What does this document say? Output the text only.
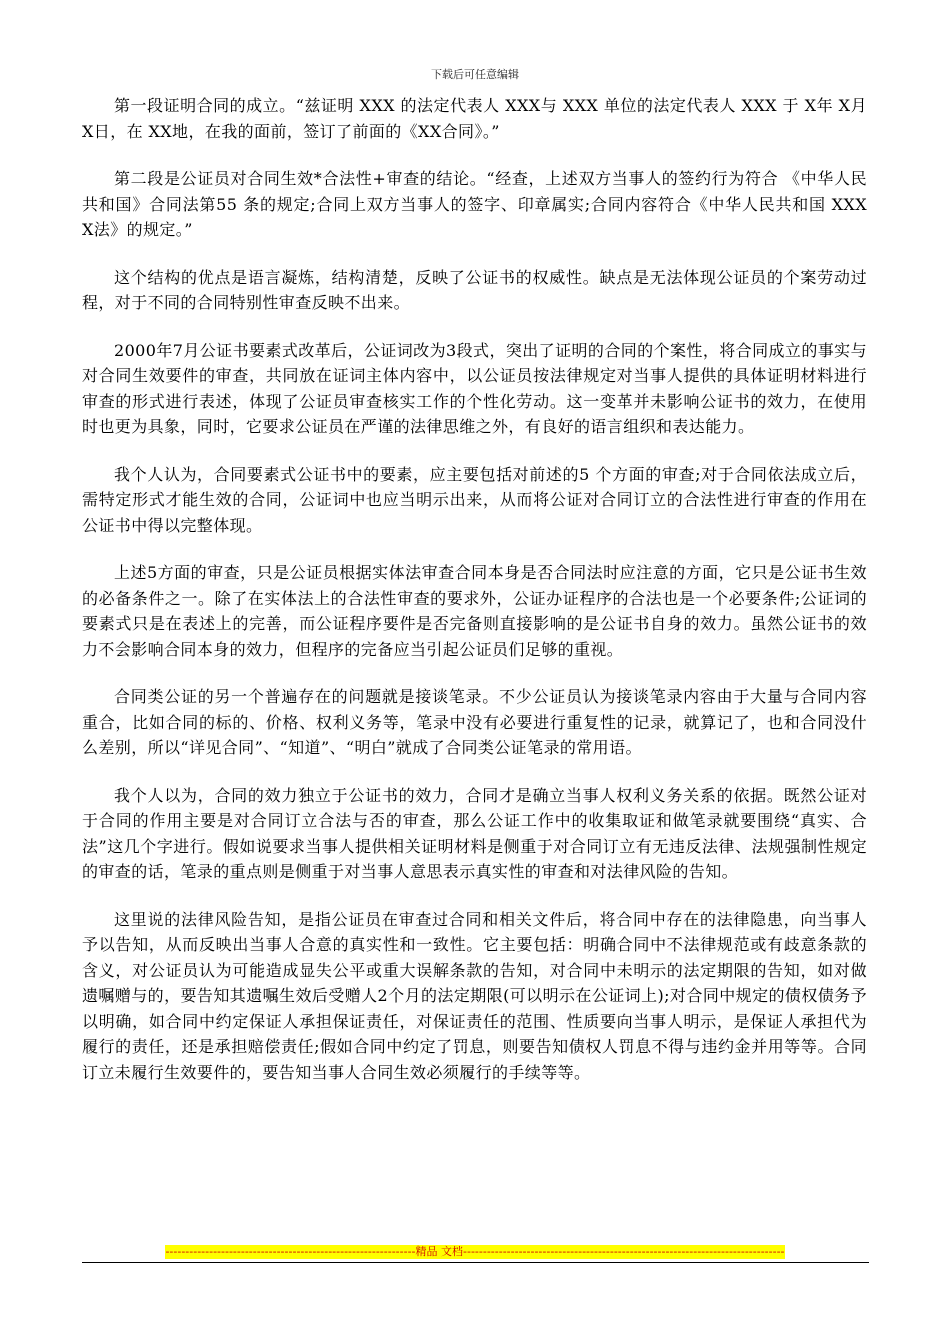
下载后可任意编辑

第一段证明合同的成立。“兹证明 XXX 的法定代表人 XXX与 XXX 单位的法定代表人 XXX 于 X年 X月 X日，在 XX地，在我的面前，签订了前面的《XX合同》。”

第二段是公证员对合同生效*合法性+审查的结论。“经查，上述双方当事人的签约行为符合 《中华人民共和国》合同法第55 条的规定;合同上双方当事人的签字、印章属实;合同内容符合《中华人民共和国 XXX X法》的规定。”

这个结构的优点是语言凝炼，结构清楚，反映了公证书的权威性。缺点是无法体现公证员的个案劳动过程，对于不同的合同特别性审查反映不出来。

2000年7月公证书要素式改革后，公证词改为3段式，突出了证明的合同的个案性，将合同成立的事实与对合同生效要件的审查，共同放在证词主体内容中，以公证员按法律规定对当事人提供的具体证明材料进行审查的形式进行表述，体现了公证员审查核实工作的个性化劳动。这一变革并未影响公证书的效力，在使用时也更为具象，同时，它要求公证员在严谨的法律思维之外，有良好的语言组织和表达能力。

我个人认为，合同要素式公证书中的要素，应主要包括对前述的5 个方面的审查;对于合同依法成立后，需特定形式才能生效的合同，公证词中也应当明示出来，从而将公证对合同订立的合法性进行审查的作用在公证书中得以完整体现。

上述5方面的审查，只是公证员根据实体法审查合同本身是否合同法时应注意的方面，它只是公证书生效的必备条件之一。除了在实体法上的合法性审查的要求外，公证办证程序的合法也是一个必要条件;公证词的要素式只是在表述上的完善，而公证程序要件是否完备则直接影响的是公证书自身的效力。虽然公证书的效力不会影响合同本身的效力，但程序的完备应当引起公证员们足够的重视。

合同类公证的另一个普遍存在的问题就是接谈笔录。不少公证员认为接谈笔录内容由于大量与合同内容重合，比如合同的标的、价格、权利义务等，笔录中没有必要进行重复性的记录，就算记了，也和合同没什么差别，所以“详见合同”、“知道”、“明白”就成了合同类公证笔录的常用语。

我个人以为，合同的效力独立于公证书的效力，合同才是确立当事人权利义务关系的依据。既然公证对于合同的作用主要是对合同订立合法与否的审查，那么公证工作中的收集取证和做笔录就要围绕“真实、合法”这几个字进行。假如说要求当事人提供相关证明材料是侧重于对合同订立有无违反法律、法规强制性规定的审查的话，笔录的重点则是侧重于对当事人意思表示真实性的审查和对法律风险的告知。

这里说的法律风险告知，是指公证员在审查过合同和相关文件后，将合同中存在的法律隐患，向当事人予以告知，从而反映出当事人合意的真实性和一致性。它主要包括：明确合同中不法律规范或有歧意条款的含义，对公证员认为可能造成显失公平或重大误解条款的告知，对合同中未明示的法定期限的告知，如对做遗嘱赠与的，要告知其遗嘱生效后受赠人2个月的法定期限(可以明示在公证词上);对合同中规定的债权债务予以明确，如合同中约定保证人承担保证责任，对保证责任的范围、性质要向当事人明示，是保证人承担代为履行的责任，还是承担赔偿责任;假如合同中约定了罚息，则要告知债权人罚息不得与违约金并用等等。合同订立未履行生效要件的，要告知当事人合同生效必须履行的手续等等。

---------------------------------------------------------------精品 文档---------------------------------------------------------------------------------
